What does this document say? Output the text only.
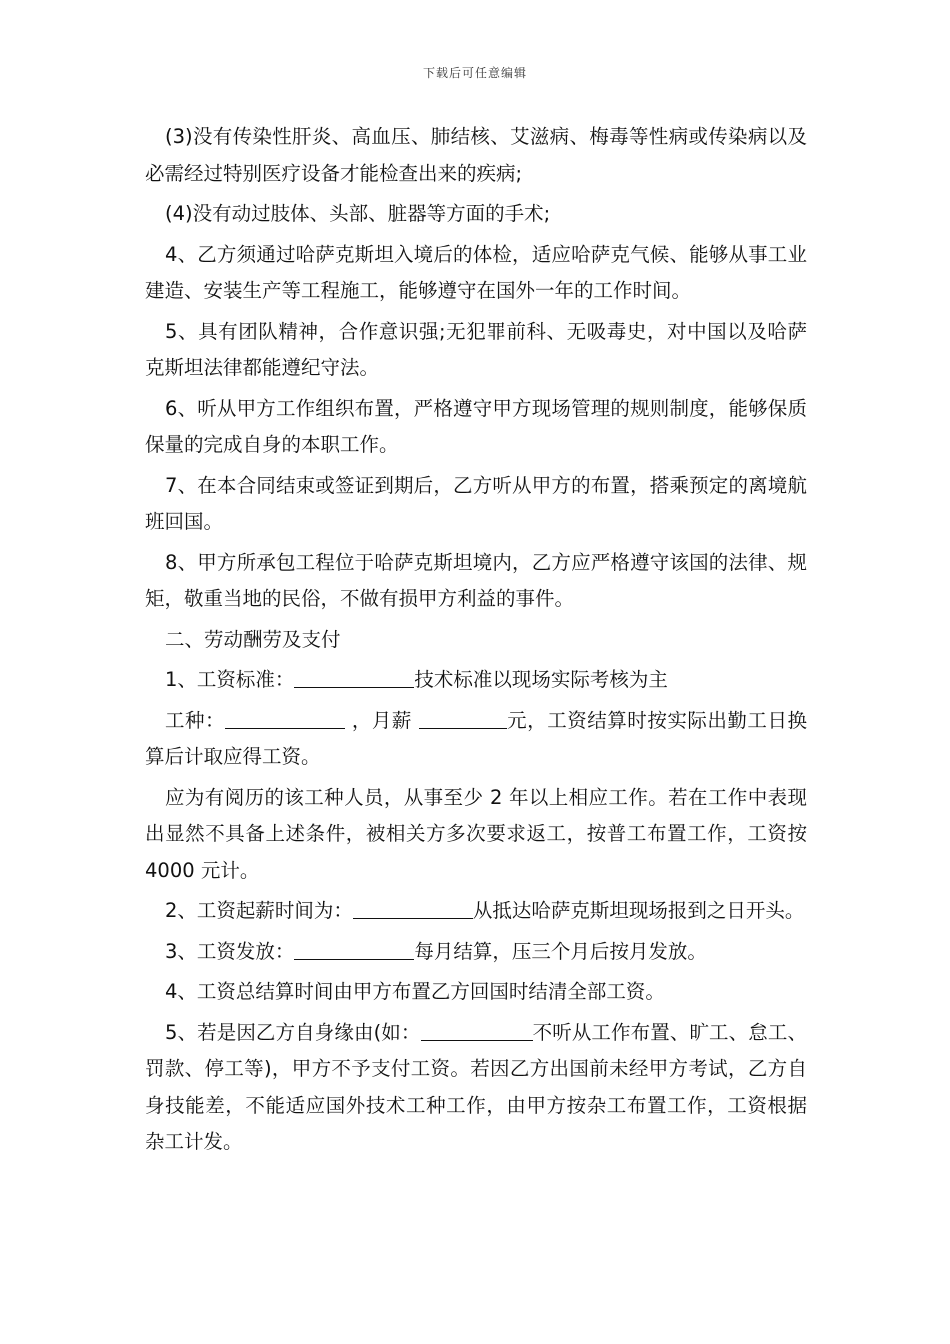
下载后可任意编辑

(3)没有传染性肝炎、高血压、肺结核、艾滋病、梅毒等性病或传染病以及必需经过特别医疗设备才能检查出来的疾病;

(4)没有动过肢体、头部、脏器等方面的手术;

4、乙方须通过哈萨克斯坦入境后的体检，适应哈萨克气候、能够从事工业建造、安装生产等工程施工，能够遵守在国外一年的工作时间。

5、具有团队精神，合作意识强;无犯罪前科、无吸毒史，对中国以及哈萨克斯坦法律都能遵纪守法。

6、听从甲方工作组织布置，严格遵守甲方现场管理的规则制度，能够保质保量的完成自身的本职工作。

7、在本合同结束或签证到期后，乙方听从甲方的布置，搭乘预定的离境航班回国。

8、甲方所承包工程位于哈萨克斯坦境内，乙方应严格遵守该国的法律、规矩，敬重当地的民俗，不做有损甲方利益的事件。

二、劳动酬劳及支付

1、工资标准：	技术标准以现场实际考核为主

工种：	，月薪	元，工资结算时按实际出勤工日换算后计取应得工资。

应为有阅历的该工种人员，从事至少 2 年以上相应工作。若在工作中表现出显然不具备上述条件，被相关方多次要求返工，按普工布置工作，工资按 4000 元计。

2、工资起薪时间为：	从抵达哈萨克斯坦现场报到之日开头。

3、工资发放：	每月结算，压三个月后按月发放。

4、工资总结算时间由甲方布置乙方回国时结清全部工资。

5、若是因乙方自身缘由(如：	不听从工作布置、旷工、怠工、罚款、停工等)，甲方不予支付工资。若因乙方出国前未经甲方考试，乙方自身技能差，不能适应国外技术工种工作，由甲方按杂工布置工作，工资根据杂工计发。
